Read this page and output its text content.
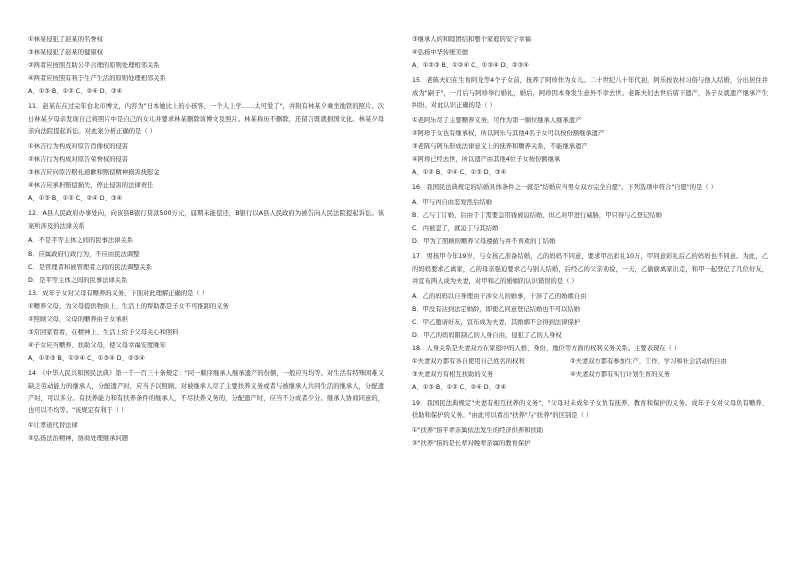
①林某侵犯了赵某的名誉权
③林某侵犯了赵某的健康权
②两者应按照互助公平合理的原则处理相邻关系
④两者应按照有利于生产生活的原则处理相邻关系
A、①③ B、①② C、②④ D、③④
11．赵某在在过完年台北市博文，内容为"日本她比上的小孩客，一个人上学……太可爱了"，并附有林某夕乘坐地铁的照片。次日林某夕母亲发现自己将照片中是自己的女儿并要求林某删除该博文及照片。林某称历不删除，还留言既就捐国文化。林某夕母亲向法院提起诉讼。对此案分析正确的是（ ）
①林吉行为构成对原告肖像权的侵害
②林吉行为构成对原告荣誉权的侵害
③林吉应向原告赔礼道歉和赔偿精神损害抚慰金
④林吉应承担赔偿损失，停止侵害的法律责任
A、①③ B、①② C、②④ D、③④
12．A县人民政府办事处向，向该县B银行贷款500万元，届期未能偿还，B银行以A县人民政府为被告向人民法院提起诉讼。该案所涉及的法律关系
A．不是平等主体之间的民事法律关系
B．应属政府行政行为，不应由民法调整
C．是管理者和被管理者之间的民法调整关系
D．是平等主体之间的民事法律关系
13．成年子女对父母有赡养的义务，下面对此理解正确的是（ ）
①赡养父母，为父母提供物质上、生活上的帮助都是子女不可推卸的义务
②照顾父母，父母的赡养由子女承担
③常回家看看，在精神上、生活上给予父母关心和照料
④子女应当赡养、扶助父母，使父母幸福安度晚年
A、①②③ B、①②④ C、①③④ D、②③④
14．《中华人民共和国民法典》第一千一百三十条规定："同一顺序继承人继承遗产的份额，一般应当均等。对生活有特殊困难又缺乏劳动能力的继承人，分配遗产时，应当予以照顾。对被继承人尽了主要扶养义务或者与被继承人共同生活的继承人，分配遗产时，可以多分。有扶养能力和有扶养条件的继承人，不尽扶养义务的，分配遗产时，应当不分或者少分。继承人协商同意的，也可以不均等。"该规定有利于（ ）
①让孝道代替法律
②弘扬法治精神，协商处理继承问题
③继承人的和睦团结和整个家庭的安宁幸福
④弘扬中华传统美德
A、①②③ B、①②④ C、①③④ D、②③④
15．老陈夫妇在生育阿龙等4个子女前，抚养了阿珍作为女儿。二十世纪八十年代初，阿乐按农村习俗与他人结婚，分出居住并成为"嗣子"，一月后与阿珍举行婚礼，婚后，阿珍因本身发生意外不幸去世。老陈夫妇去世后留下遗产，各子女就遗产继承产生纠纷。对此认识正确的是（ ）
①老阿乐尽了主要赡养义务，可作为第一顺位继承人继承遗产
②阿珍于女也有继承权，所以阿乐与其他4名子女可以按份额继承遗产
③老陈与阿乐形成法律意义上的抚养和赡养关系，不能继承遗产
④阿珍已经去世，所以遗产由其他4位子女按份额继承
A、①② B、②④ C、①③ D、③④
16．我国民法典规定的结婚具体条件之一就是"结婚应当男女双方完全自愿"。下列选项中符合"自愿"的是（ ）
A．甲与丙自由恋爱然后结婚
B．乙与丁订婚，后由于丁需要急用钱被迫结婚，但乙对甲进行威胁，甲只得与乙登记结婚
C．丙被忽了，就迫丁与其结婚
D．甲为了照顾的赡养父母遵循与并不喜欢的丁结婚
17．男孩甲今年19岁，与女孩乙准备结婚，乙的妈妈不同意，要求甲出彩礼10万，甲同意彩礼后乙的妈妈也不同意。为此，乙的妈妈要求乙离家，乙的母亲强迫要求乙与别人结婚，后经乙的父亲劝说，一天，乙偷偷离家出走，和甲一起登记了几位好友，并宣布两人成为夫妻，对甲和乙的婚姻的认识错误的是（ ）
A．乙的妈妈以自身理由干涉女儿的婚事，干涉了乙的婚姻自由
B．甲没有达到法定婚龄，即使乙同意登记结婚也不可以结婚
C．甲乙邀请好友，宣布成为夫妻，其婚姻不会得到法律保护
D．甲乙的妈妈限制乙的人身自由，侵犯了乙的人身权
18．人身关系是夫妻双方在家庭中的人格、身份、地位等方面的权利义务关系。主要表现在（ ）
①夫妻双方都有各自使用自己姓名的权利	②夫妻双方都有参加生产、工作、学习和社会活动的自由
③夫妻双方有相互扶助的义务	④夫妻双方都有实行计划生育的义务
A、①③ B、①② C、②④ D、③④
19．我国民法典规定"夫妻有相互扶养的义务"，"父母对未成年子女负有抚养、教育和保护的义务。成年子女对父母负有赡养、扶助和保护的义务。"由此可以看出"扶养"与"扶养"的区别是（ ）
①"扶养"指平辈亲属依法发生的经济供养和扶助
②"扶养"指的是长辈对晚辈亲属的教育保护
